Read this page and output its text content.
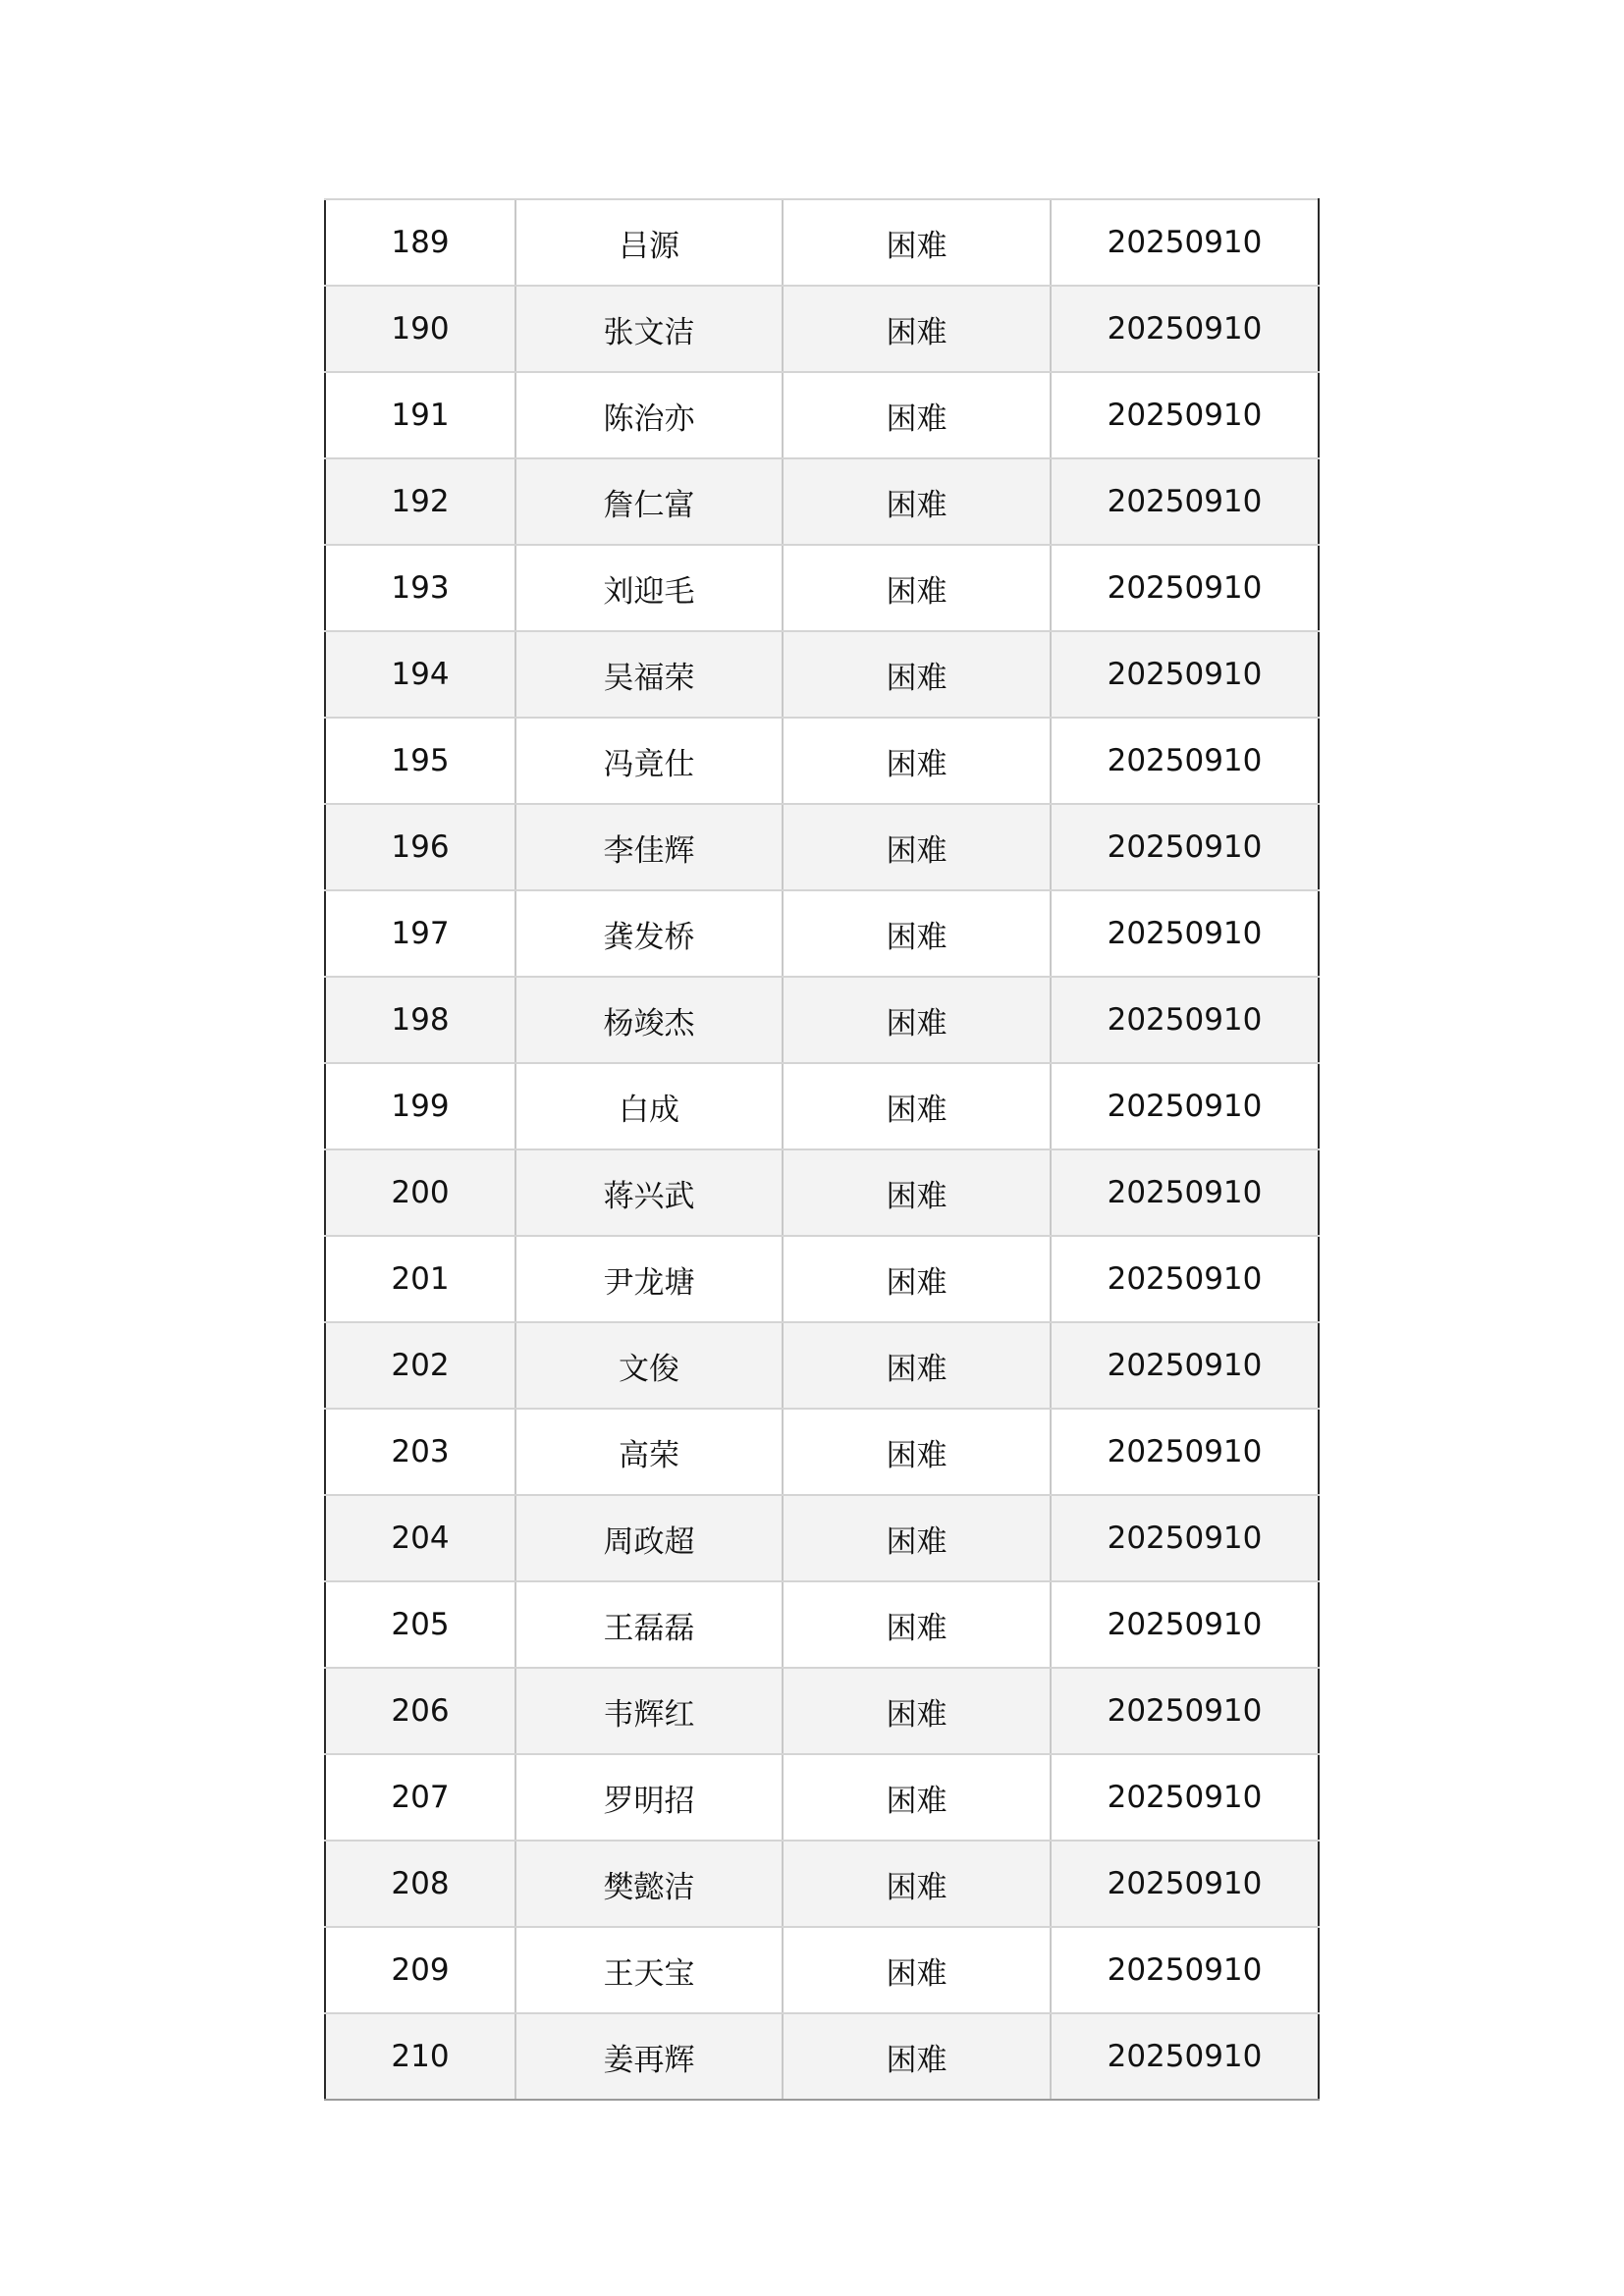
189	吕源	困难	20250910
190	张文洁	困难	20250910
191	陈治亦	困难	20250910
192	詹仁富	困难	20250910
193	刘迎毛	困难	20250910
194	吴福荣	困难	20250910
195	冯竟仕	困难	20250910
196	李佳辉	困难	20250910
197	龚发桥	困难	20250910
198	杨竣杰	困难	20250910
199	白成	困难	20250910
200	蒋兴武	困难	20250910
201	尹龙塘	困难	20250910
202	文俊	困难	20250910
203	高荣	困难	20250910
204	周政超	困难	20250910
205	王磊磊	困难	20250910
206	韦辉红	困难	20250910
207	罗明招	困难	20250910
208	樊懿洁	困难	20250910
209	王天宝	困难	20250910
210	姜再辉	困难	20250910
